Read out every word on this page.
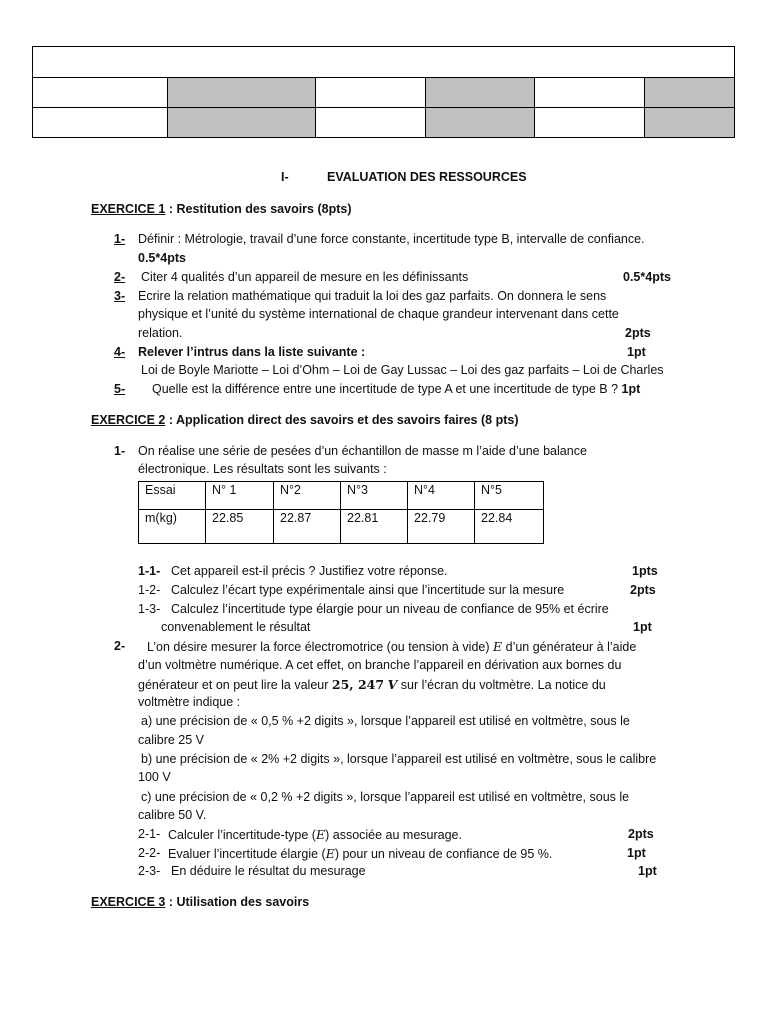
I-	EVALUATION DES RESSOURCES
EXERCICE 1 : Restitution des savoirs (8pts)
1- Définir : Métrologie, travail d’une force constante, incertitude type B, intervalle de confiance.
0.5*4pts
2- Citer 4 qualités d’un appareil de mesure en les définissants	0.5*4pts
3- Ecrire la relation mathématique qui traduit la loi des gaz parfaits. On donnera le sens
physique et l’unité du système international de chaque grandeur intervenant dans cette
relation.	2pts
4- Relever l’intrus dans la liste suivante :	1pt
Loi de Boyle Mariotte – Loi d’Ohm – Loi de Gay Lussac – Loi des gaz parfaits – Loi de Charles
5- Quelle est la différence entre une incertitude de type A et une incertitude de type B ? 1pt
EXERCICE 2 : Application direct des savoirs et des savoirs faires (8 pts)
1- On réalise une série de pesées d’un échantillon de masse m l’aide d’une balance
électronique. Les résultats sont les suivants :
Essai	N° 1	N°2	N°3	N°4	N°5
m(kg)	22.85	22.87	22.81	22.79	22.84
1-1- Cet appareil est-il précis ? Justifiez votre réponse.	1pts
1-2- Calculez l’écart type expérimentale ainsi que l’incertitude sur la mesure	2pts
1-3- Calculez l’incertitude type élargie pour un niveau de confiance de 95% et écrire
convenablement le résultat	1pt
2- L’on désire mesurer la force électromotrice (ou tension à vide) E d’un générateur à l’aide
d’un voltmètre numérique. A cet effet, on branche l’appareil en dérivation aux bornes du
générateur et on peut lire la valeur 25, 247 V sur l’écran du voltmètre. La notice du
voltmètre indique :
a) une précision de « 0,5 % +2 digits », lorsque l’appareil est utilisé en voltmètre, sous le
calibre 25 V
b) une précision de « 2% +2 digits », lorsque l’appareil est utilisé en voltmètre, sous le calibre
100 V
c) une précision de « 0,2 % +2 digits », lorsque l’appareil est utilisé en voltmètre, sous le
calibre 50 V.
2-1- Calculer l’incertitude-type (E) associée au mesurage.	2pts
2-2- Evaluer l’incertitude élargie (E) pour un niveau de confiance de 95 %.	1pt
2-3- En déduire le résultat du mesurage	1pt
EXERCICE 3 : Utilisation des savoirs
